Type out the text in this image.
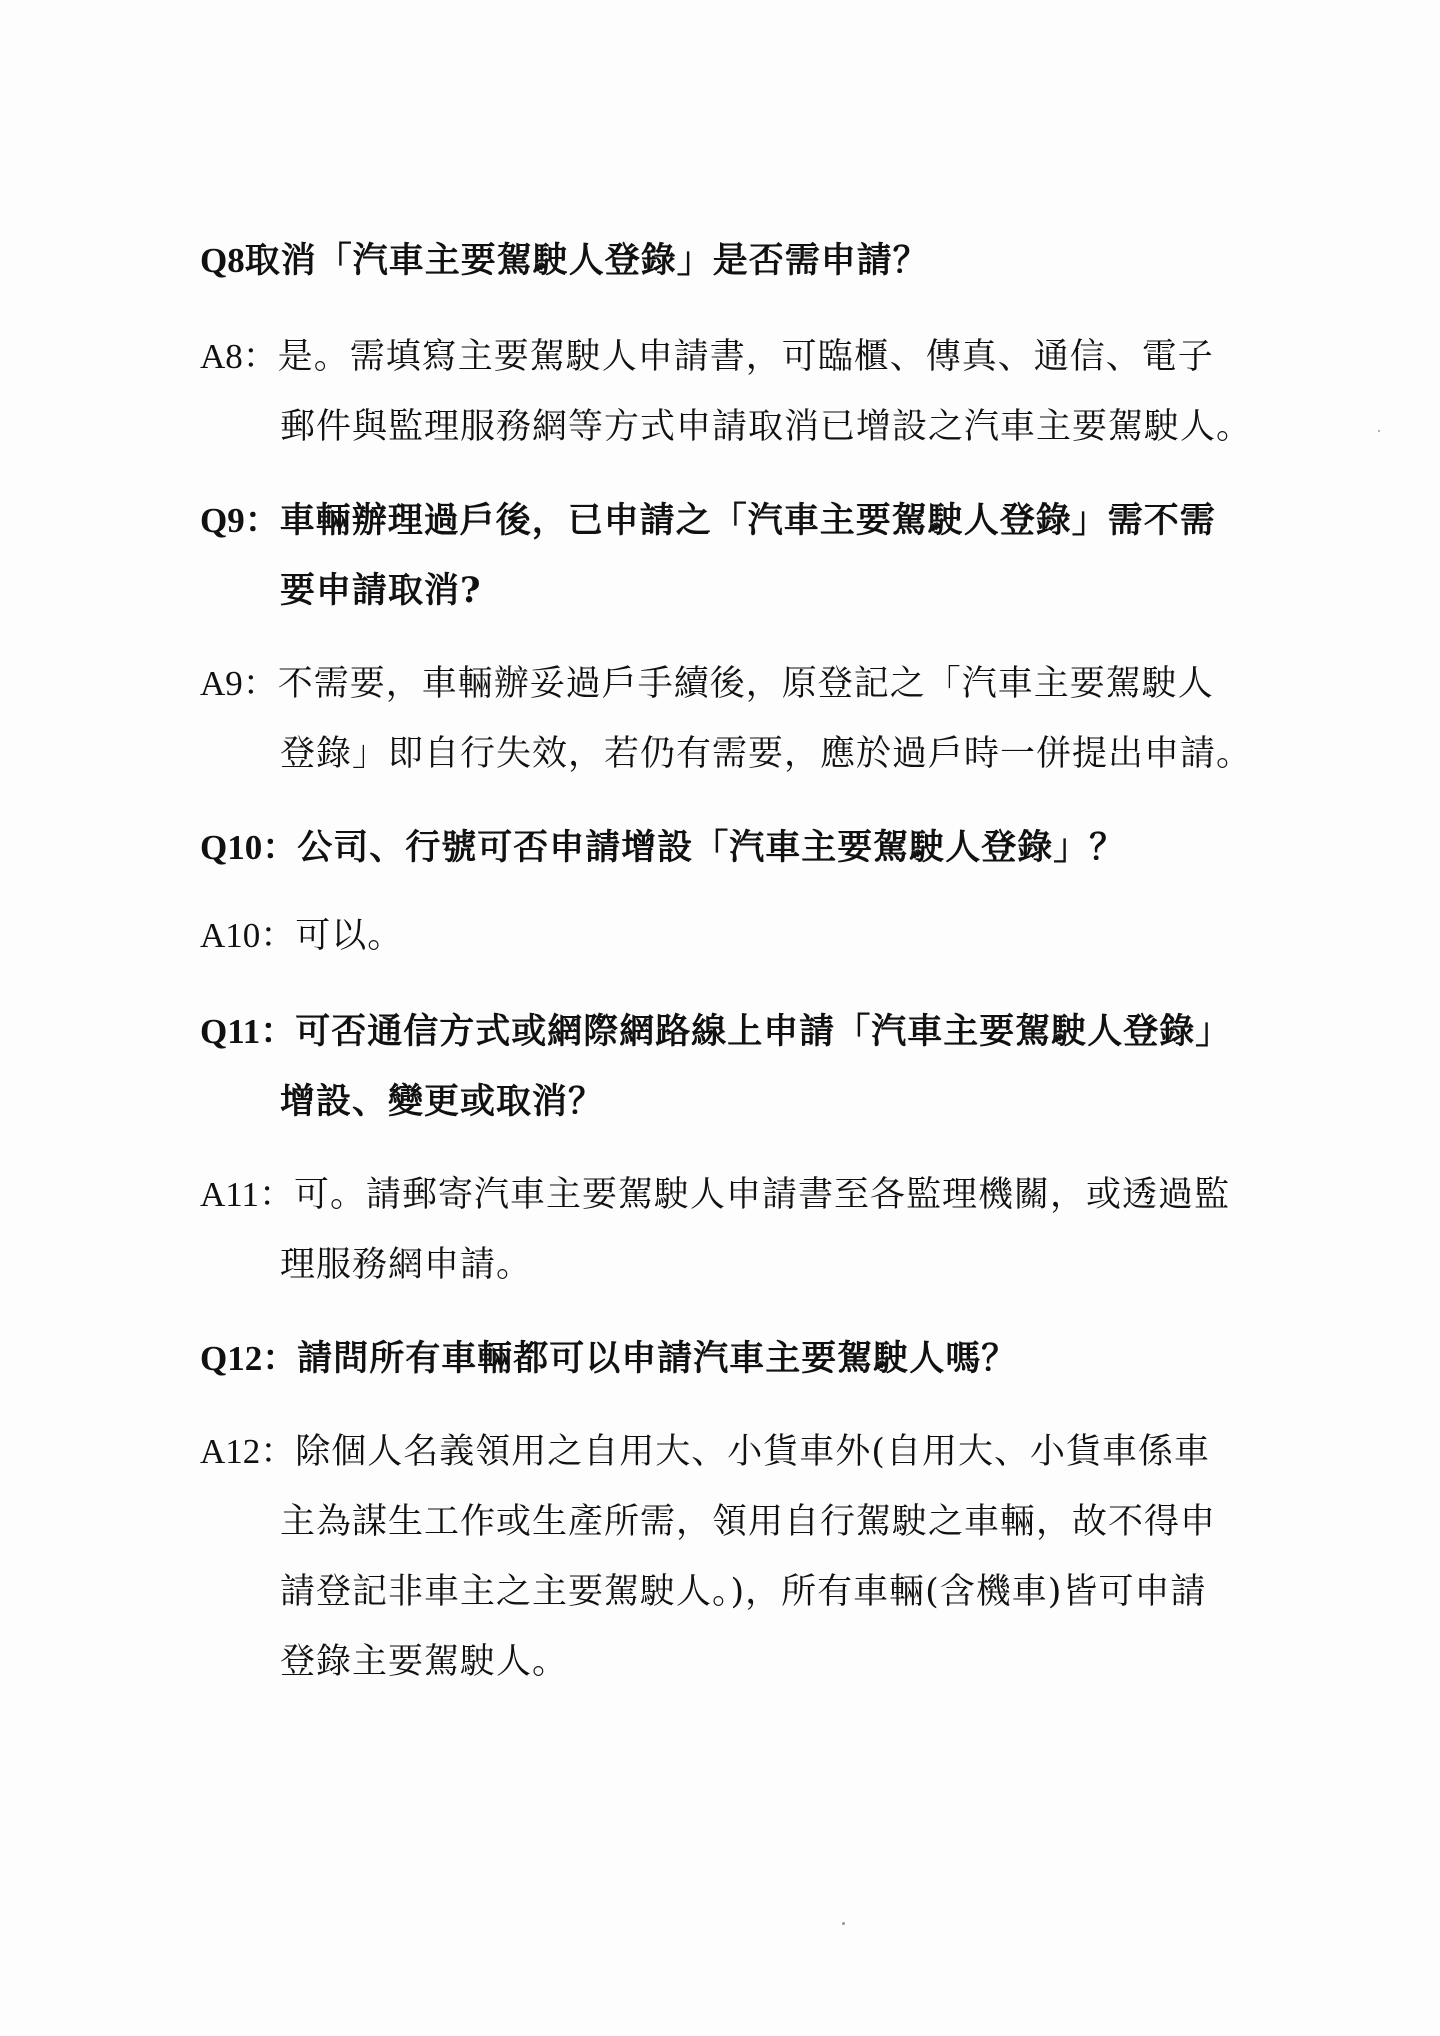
Q8取消「汽車主要駕駛人登錄」是否需申請？
A8：是。需填寫主要駕駛人申請書，可臨櫃、傳真、通信、電子
郵件與監理服務網等方式申請取消已增設之汽車主要駕駛人。
Q9：車輛辦理過戶後，已申請之「汽車主要駕駛人登錄」需不需
要申請取消?
A9：不需要，車輛辦妥過戶手續後，原登記之「汽車主要駕駛人
登錄」即自行失效，若仍有需要，應於過戶時一併提出申請。
Q10：公司、行號可否申請增設「汽車主要駕駛人登錄」？
A10：可以。
Q11：可否通信方式或網際網路線上申請「汽車主要駕駛人登錄」
增設、變更或取消？
A11：可。請郵寄汽車主要駕駛人申請書至各監理機關，或透過監
理服務網申請。
Q12：請問所有車輛都可以申請汽車主要駕駛人嗎？
A12：除個人名義領用之自用大、小貨車外(自用大、小貨車係車
主為謀生工作或生產所需，領用自行駕駛之車輛，故不得申
請登記非車主之主要駕駛人。)，所有車輛(含機車)皆可申請
登錄主要駕駛人。
